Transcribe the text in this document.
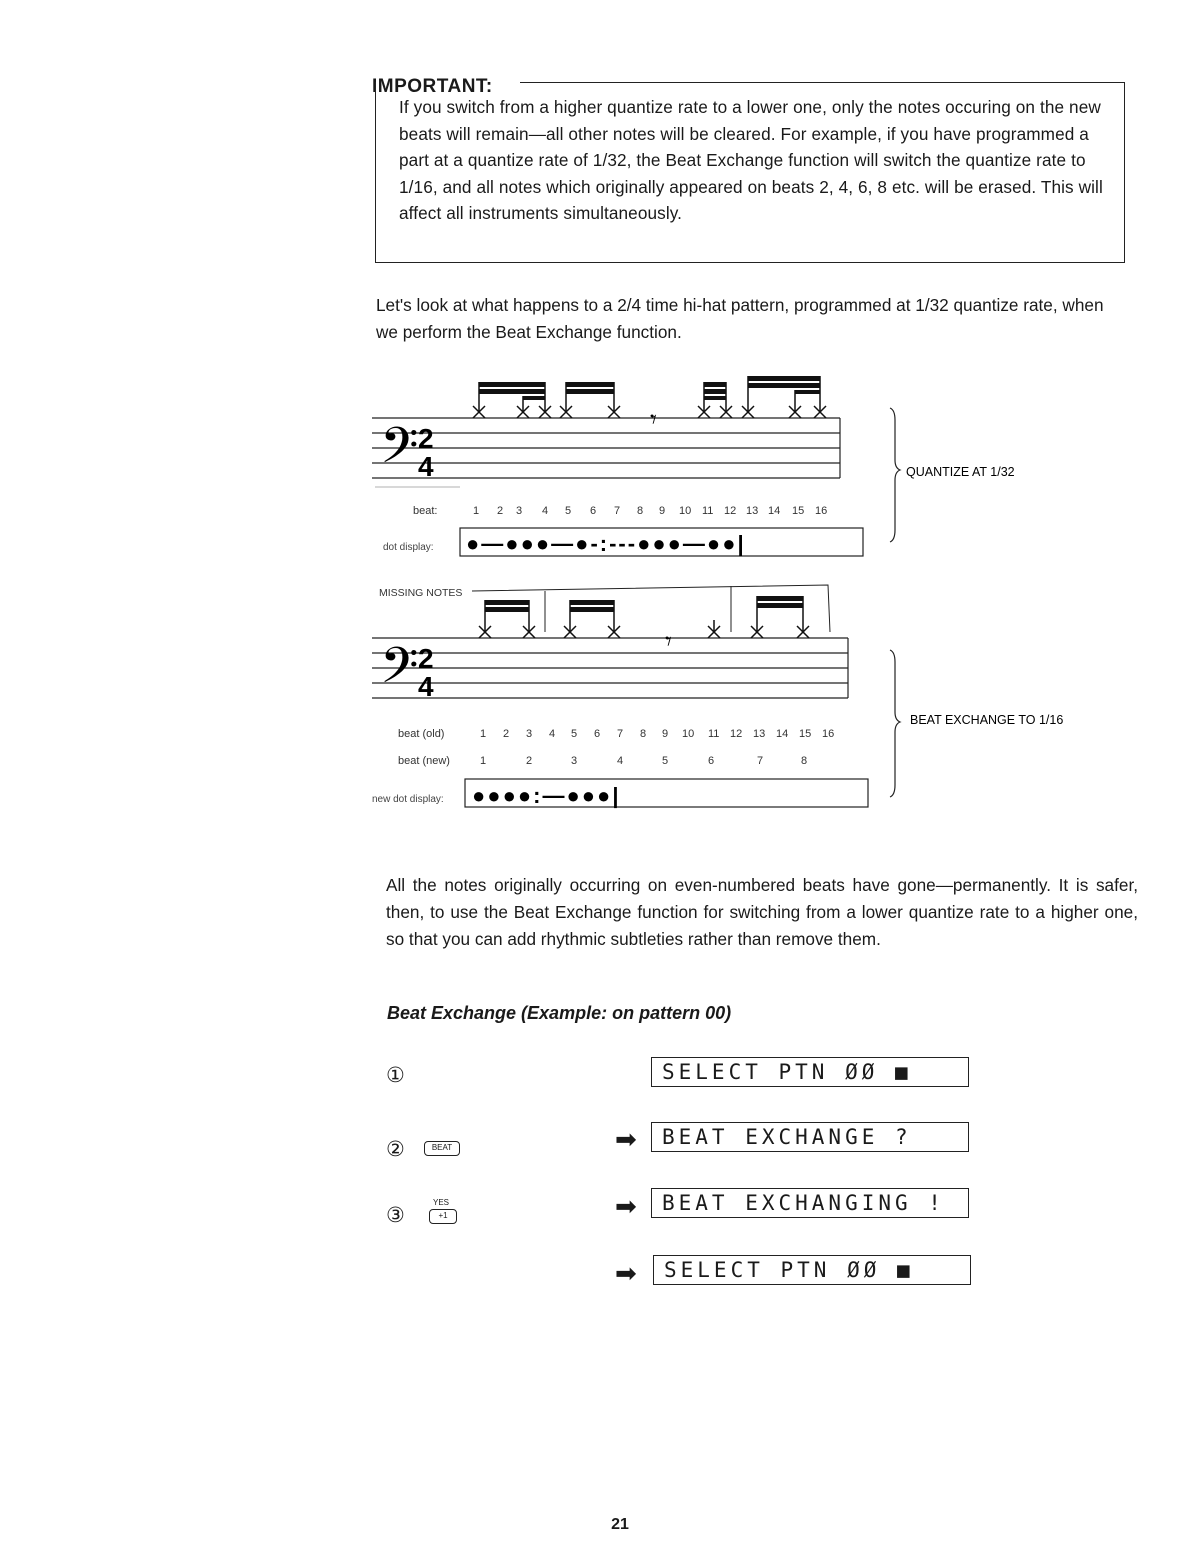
IMPORTANT:
If you switch from a higher quantize rate to a lower one, only the notes occuring on the new beats will remain—all other notes will be cleared. For example, if you have programmed a part at a quantize rate of 1/32, the Beat Exchange function will switch the quantize rate to 1/16, and all notes which originally appeared on beats 2, 4, 6, 8 etc. will be erased. This will affect all instruments simultaneously.
Let's look at what happens to a 2/4 time hi-hat pattern, programmed at 1/32 quantize rate, when we perform the Beat Exchange function.
𝄢 2
4
𝄾
beat:	1 2 3 4 5 6 7 8 9 10 11 12 13 14 15 16
dot display: ●—●●●—●-:---●●●—●●|
QUANTIZE AT 1/32
MISSING NOTES
𝄢 2
4
𝄾
beat (old)	1 2 3 4 5 6 7 8 9 10 11 12 13 14 15 16
beat (new)	1	2	3	4	5	6	7	8
new dot display: ●●●●:—●●●|
BEAT EXCHANGE TO 1/16
All the notes originally occurring on even-numbered beats have gone—permanently. It is safer, then, to use the Beat Exchange function for switching from a lower quantize rate to a higher one, so that you can add rhythmic subtleties rather than remove them.
Beat Exchange (Example: on pattern 00)
①	SELECT PTN ØØ ■
②	BEAT	➡	BEAT EXCHANGE ?
③
YES
+1	➡	BEAT EXCHANGING !
➡	SELECT PTN ØØ ■
21
